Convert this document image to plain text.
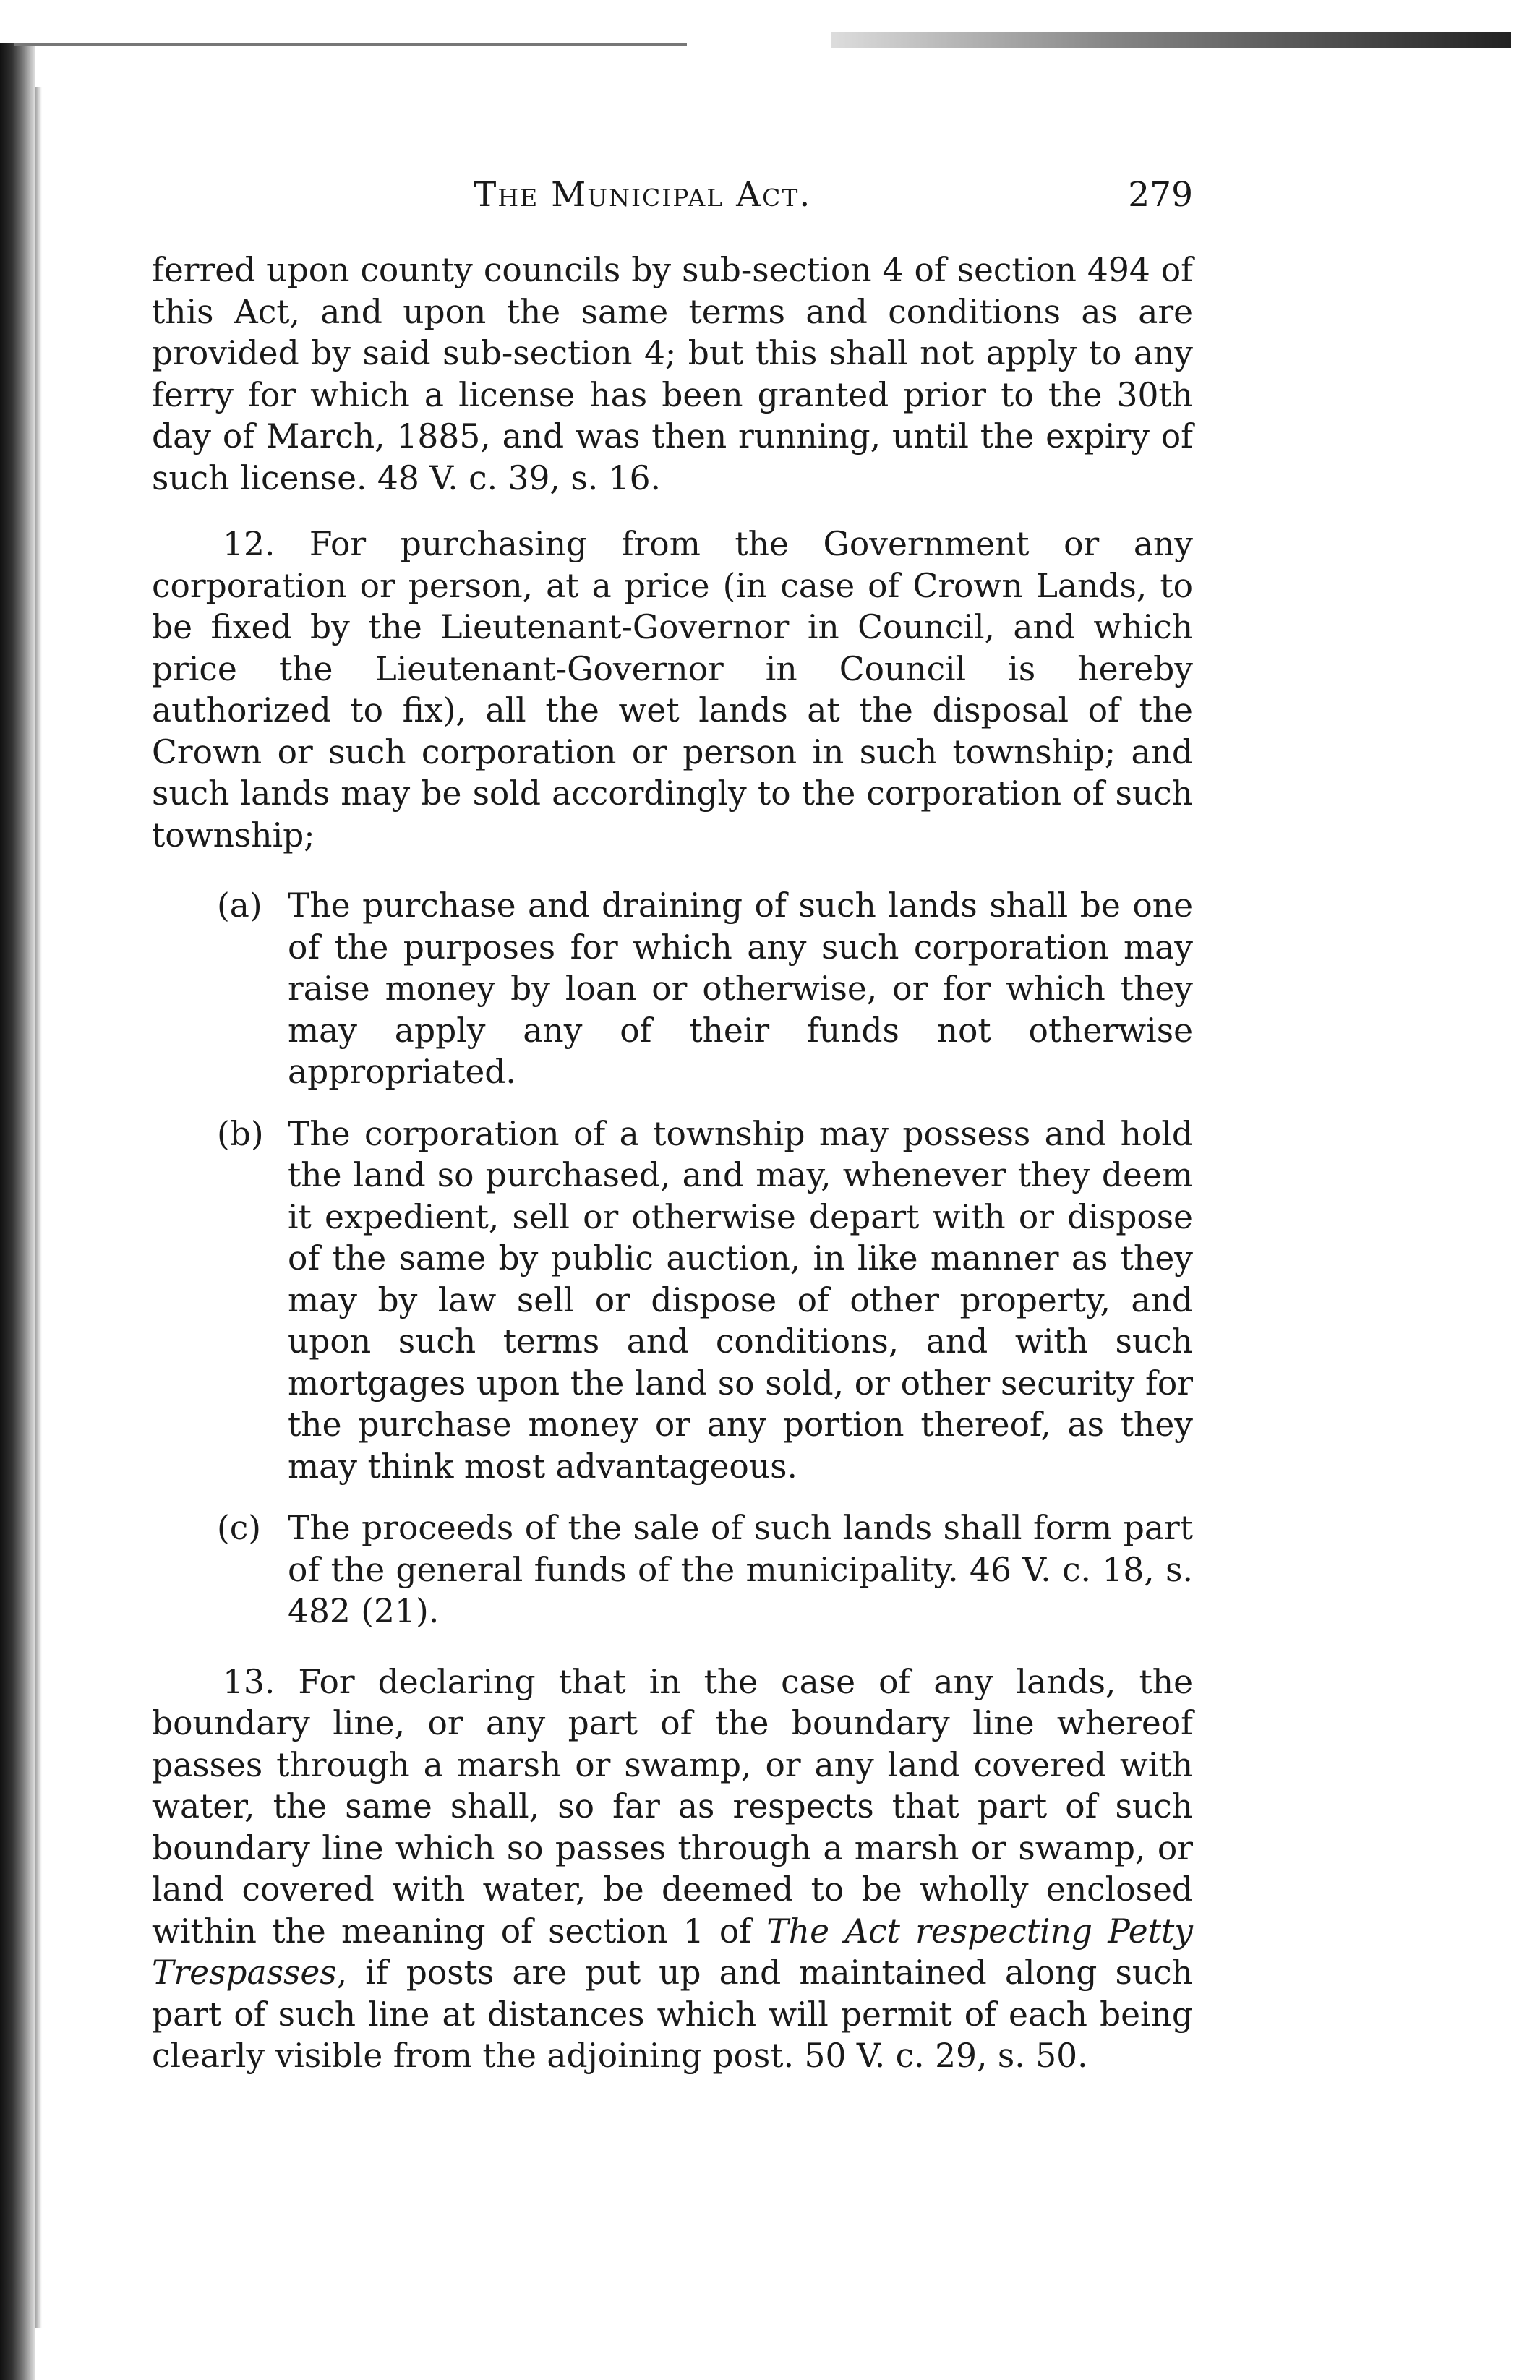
The Municipal Act.	279

ferred upon county councils by sub-section 4 of section 494 of this Act, and upon the same terms and conditions as are provided by said sub-section 4; but this shall not apply to any ferry for which a license has been granted prior to the 30th day of March, 1885, and was then running, until the expiry of such license. 48 V. c. 39, s. 16.

12. For purchasing from the Government or any corporation or person, at a price (in case of Crown Lands, to be fixed by the Lieutenant-Governor in Council, and which price the Lieutenant-Governor in Council is hereby authorized to fix), all the wet lands at the disposal of the Crown or such corporation or person in such township; and such lands may be sold accordingly to the corporation of such township;

(a) The purchase and draining of such lands shall be one of the purposes for which any such corporation may raise money by loan or otherwise, or for which they may apply any of their funds not otherwise appropriated.

(b) The corporation of a township may possess and hold the land so purchased, and may, whenever they deem it expedient, sell or otherwise depart with or dispose of the same by public auction, in like manner as they may by law sell or dispose of other property, and upon such terms and conditions, and with such mortgages upon the land so sold, or other security for the purchase money or any portion thereof, as they may think most advantageous.

(c) The proceeds of the sale of such lands shall form part of the general funds of the municipality. 46 V. c. 18, s. 482 (21).

13. For declaring that in the case of any lands, the boundary line, or any part of the boundary line whereof passes through a marsh or swamp, or any land covered with water, the same shall, so far as respects that part of such boundary line which so passes through a marsh or swamp, or land covered with water, be deemed to be wholly enclosed within the meaning of section 1 of The Act respecting Petty Trespasses, if posts are put up and maintained along such part of such line at distances which will permit of each being clearly visible from the adjoining post. 50 V. c. 29, s. 50.
